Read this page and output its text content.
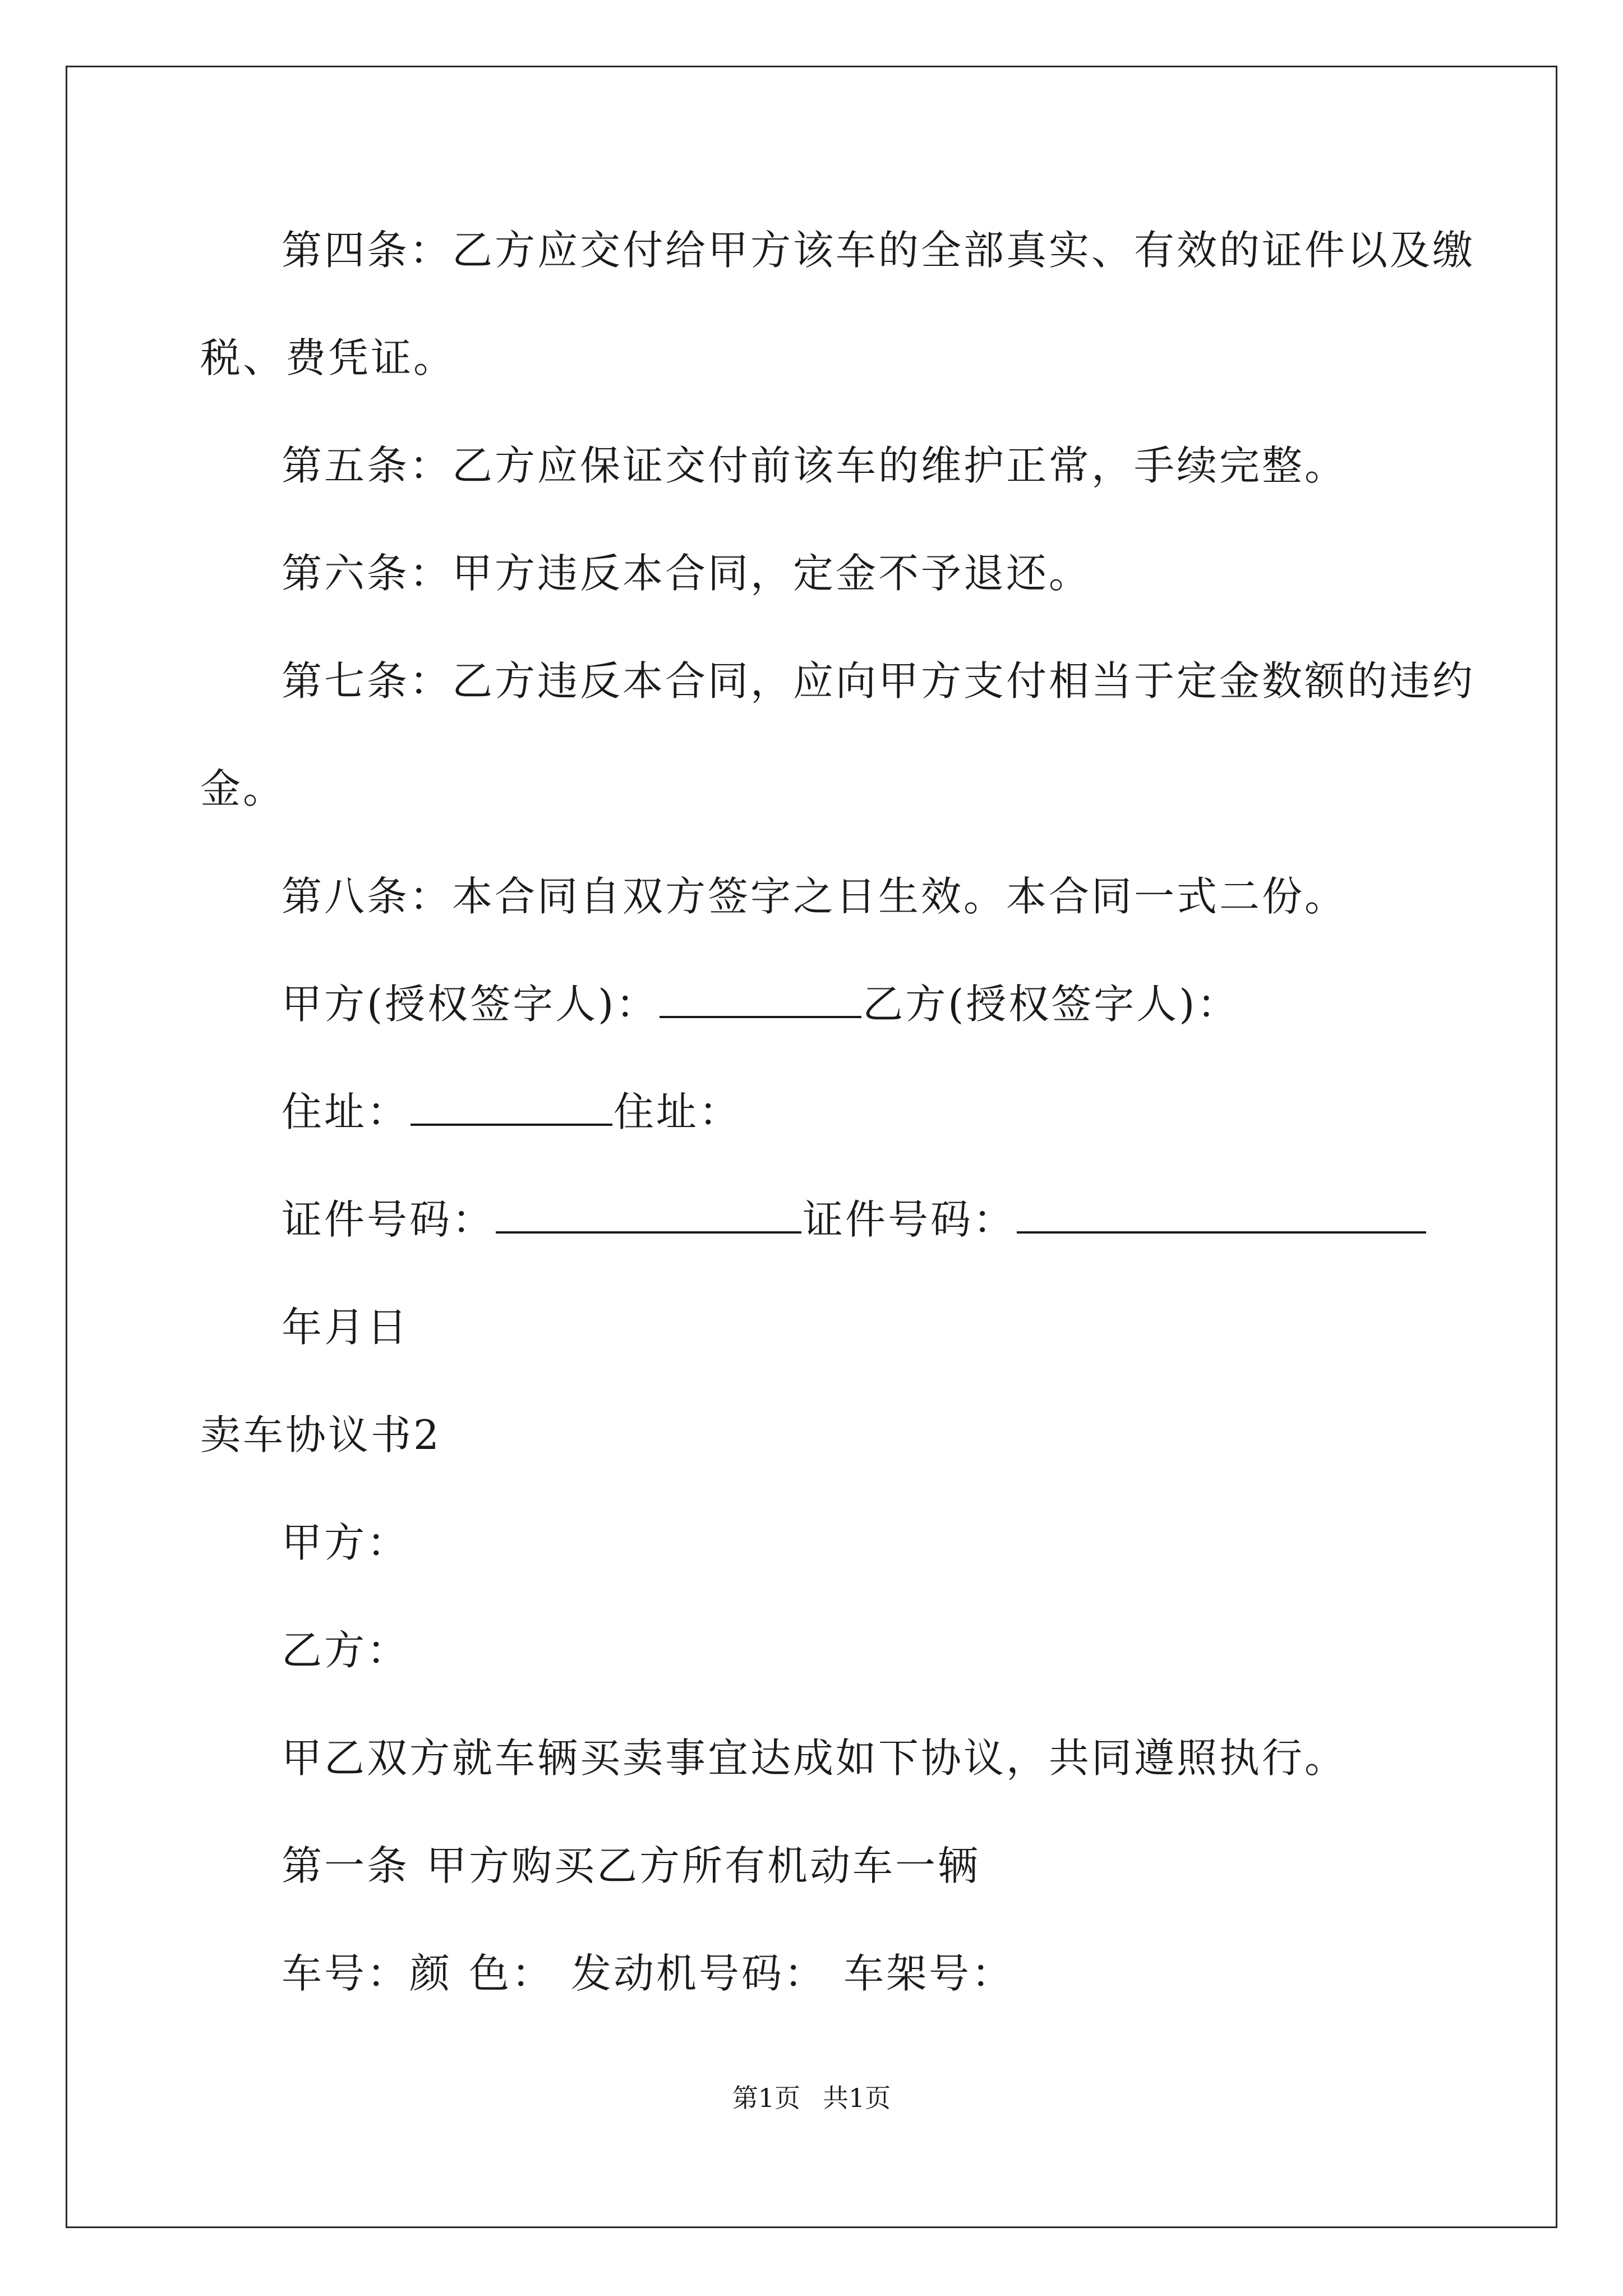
第四条：乙方应交付给甲方该车的全部真实、有效的证件以及缴
税、费凭证。
第五条：乙方应保证交付前该车的维护正常，手续完整。
第六条：甲方违反本合同，定金不予退还。
第七条：乙方违反本合同，应向甲方支付相当于定金数额的违约
金。
第八条：本合同自双方签字之日生效。本合同一式二份。
甲方(授权签字人)：	乙方(授权签字人)：
住址：	住址：
证件号码：	证件号码：
年月日
卖车协议书2
甲方：
乙方：
甲乙双方就车辆买卖事宜达成如下协议，共同遵照执行。
第一条 甲方购买乙方所有机动车一辆
车号：颜 色： 发动机号码： 车架号：
第1页 共1页
